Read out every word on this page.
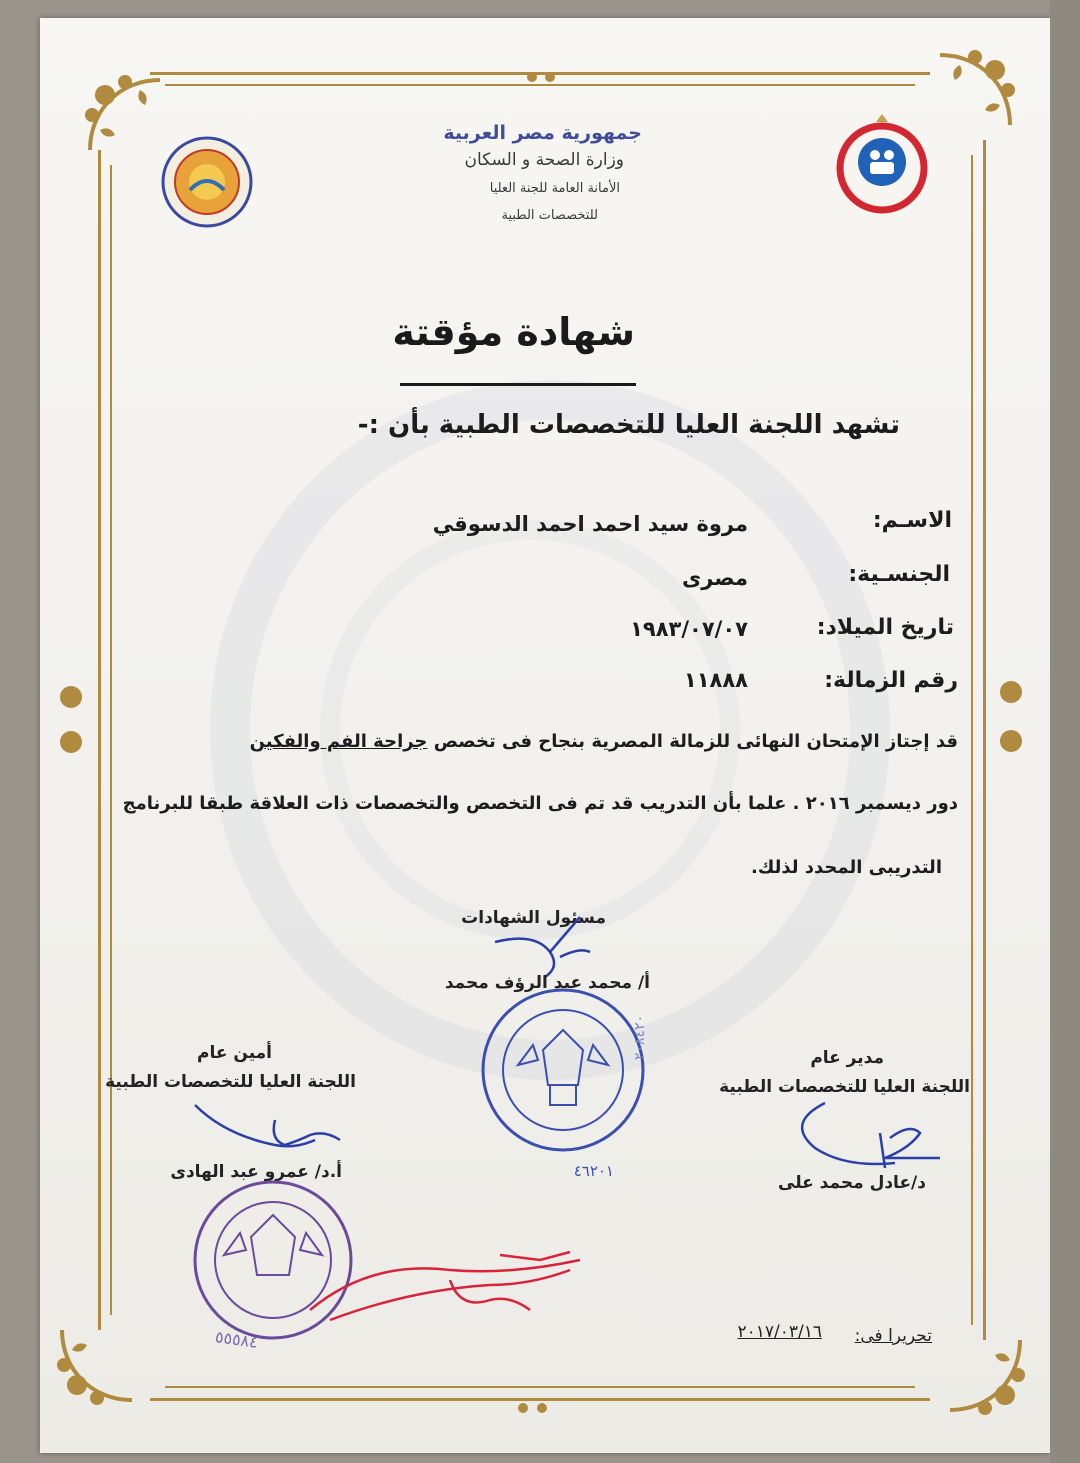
جمهورية مصر العربية
وزارة الصحة و السكان
الأمانة العامة للجنة العليا
للتخصصات الطبية
شهادة مؤقتة
تشهد اللجنة العليا للتخصصات الطبية بأن :-
الاسـم:
مروة سيد احمد احمد الدسوقي
الجنسـية:
مصرى
تاريخ الميلاد:
١٩٨٣/٠٧/٠٧
رقم الزمالة:
١١٨٨٨
قد إجتاز الإمتحان النهائى للزمالة المصرية بنجاح فى تخصص جراحة الفم والفكين
دور ديسمبر ٢٠١٦ . علما بأن التدريب قد تم فى التخصص والتخصصات ذات العلاقة طبقا للبرنامج
التدريبى المحدد لذلك.
مسئول الشهادات
أ/ محمد عبد الرؤف محمد
٤٦٢٠١
٢٠٨٤٢٠
أمين عام
اللجنة العليا للتخصصات الطبية
أ.د/ عمرو عبد الهادى
٥٥٥٨٤
مدير عام
اللجنة العليا للتخصصات الطبية
د/عادل محمد على
تحريرا فى:
٢٠١٧/٠٣/١٦
